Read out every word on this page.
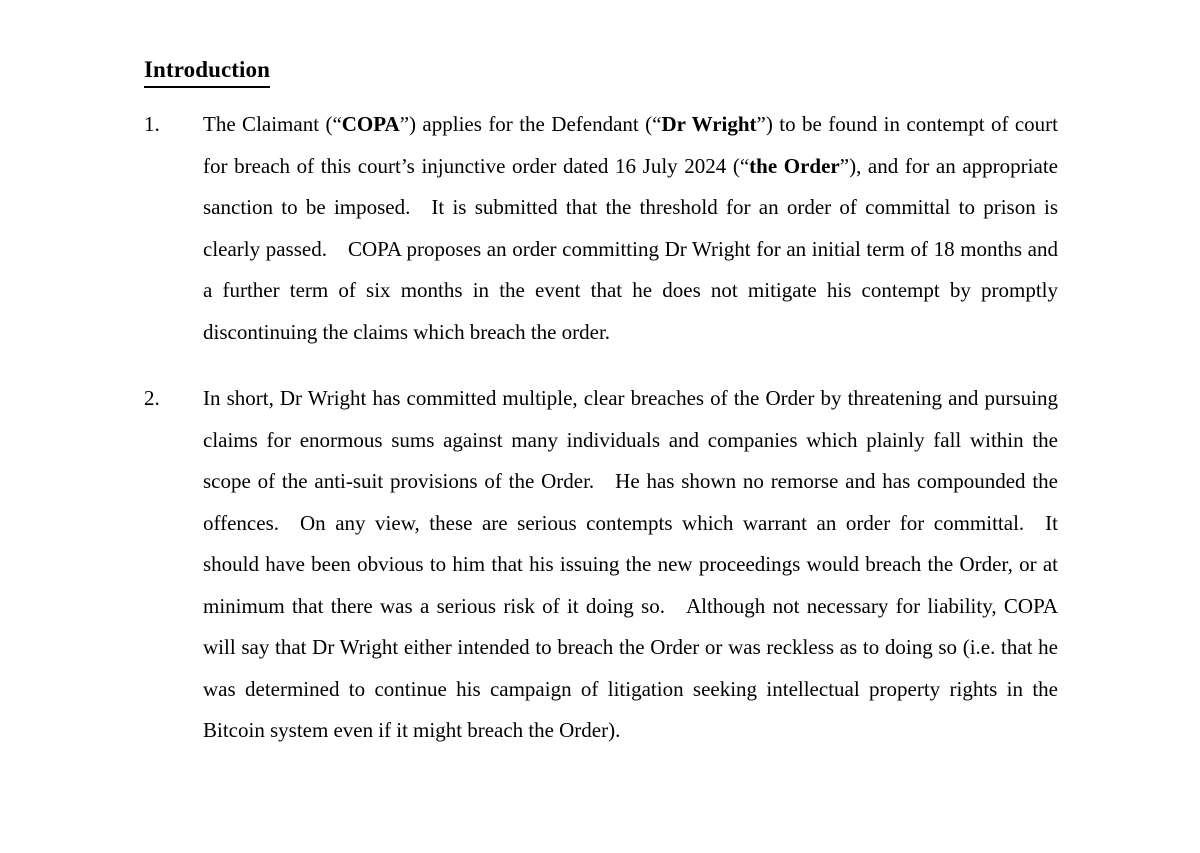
Introduction
1.	The Claimant (“COPA”) applies for the Defendant (“Dr Wright”) to be found in contempt of court for breach of this court’s injunctive order dated 16 July 2024 (“the Order”), and for an appropriate sanction to be imposed. It is submitted that the threshold for an order of committal to prison is clearly passed. COPA proposes an order committing Dr Wright for an initial term of 18 months and a further term of six months in the event that he does not mitigate his contempt by promptly discontinuing the claims which breach the order.
2.	In short, Dr Wright has committed multiple, clear breaches of the Order by threatening and pursuing claims for enormous sums against many individuals and companies which plainly fall within the scope of the anti-suit provisions of the Order. He has shown no remorse and has compounded the offences. On any view, these are serious contempts which warrant an order for committal. It should have been obvious to him that his issuing the new proceedings would breach the Order, or at minimum that there was a serious risk of it doing so. Although not necessary for liability, COPA will say that Dr Wright either intended to breach the Order or was reckless as to doing so (i.e. that he was determined to continue his campaign of litigation seeking intellectual property rights in the Bitcoin system even if it might breach the Order).
